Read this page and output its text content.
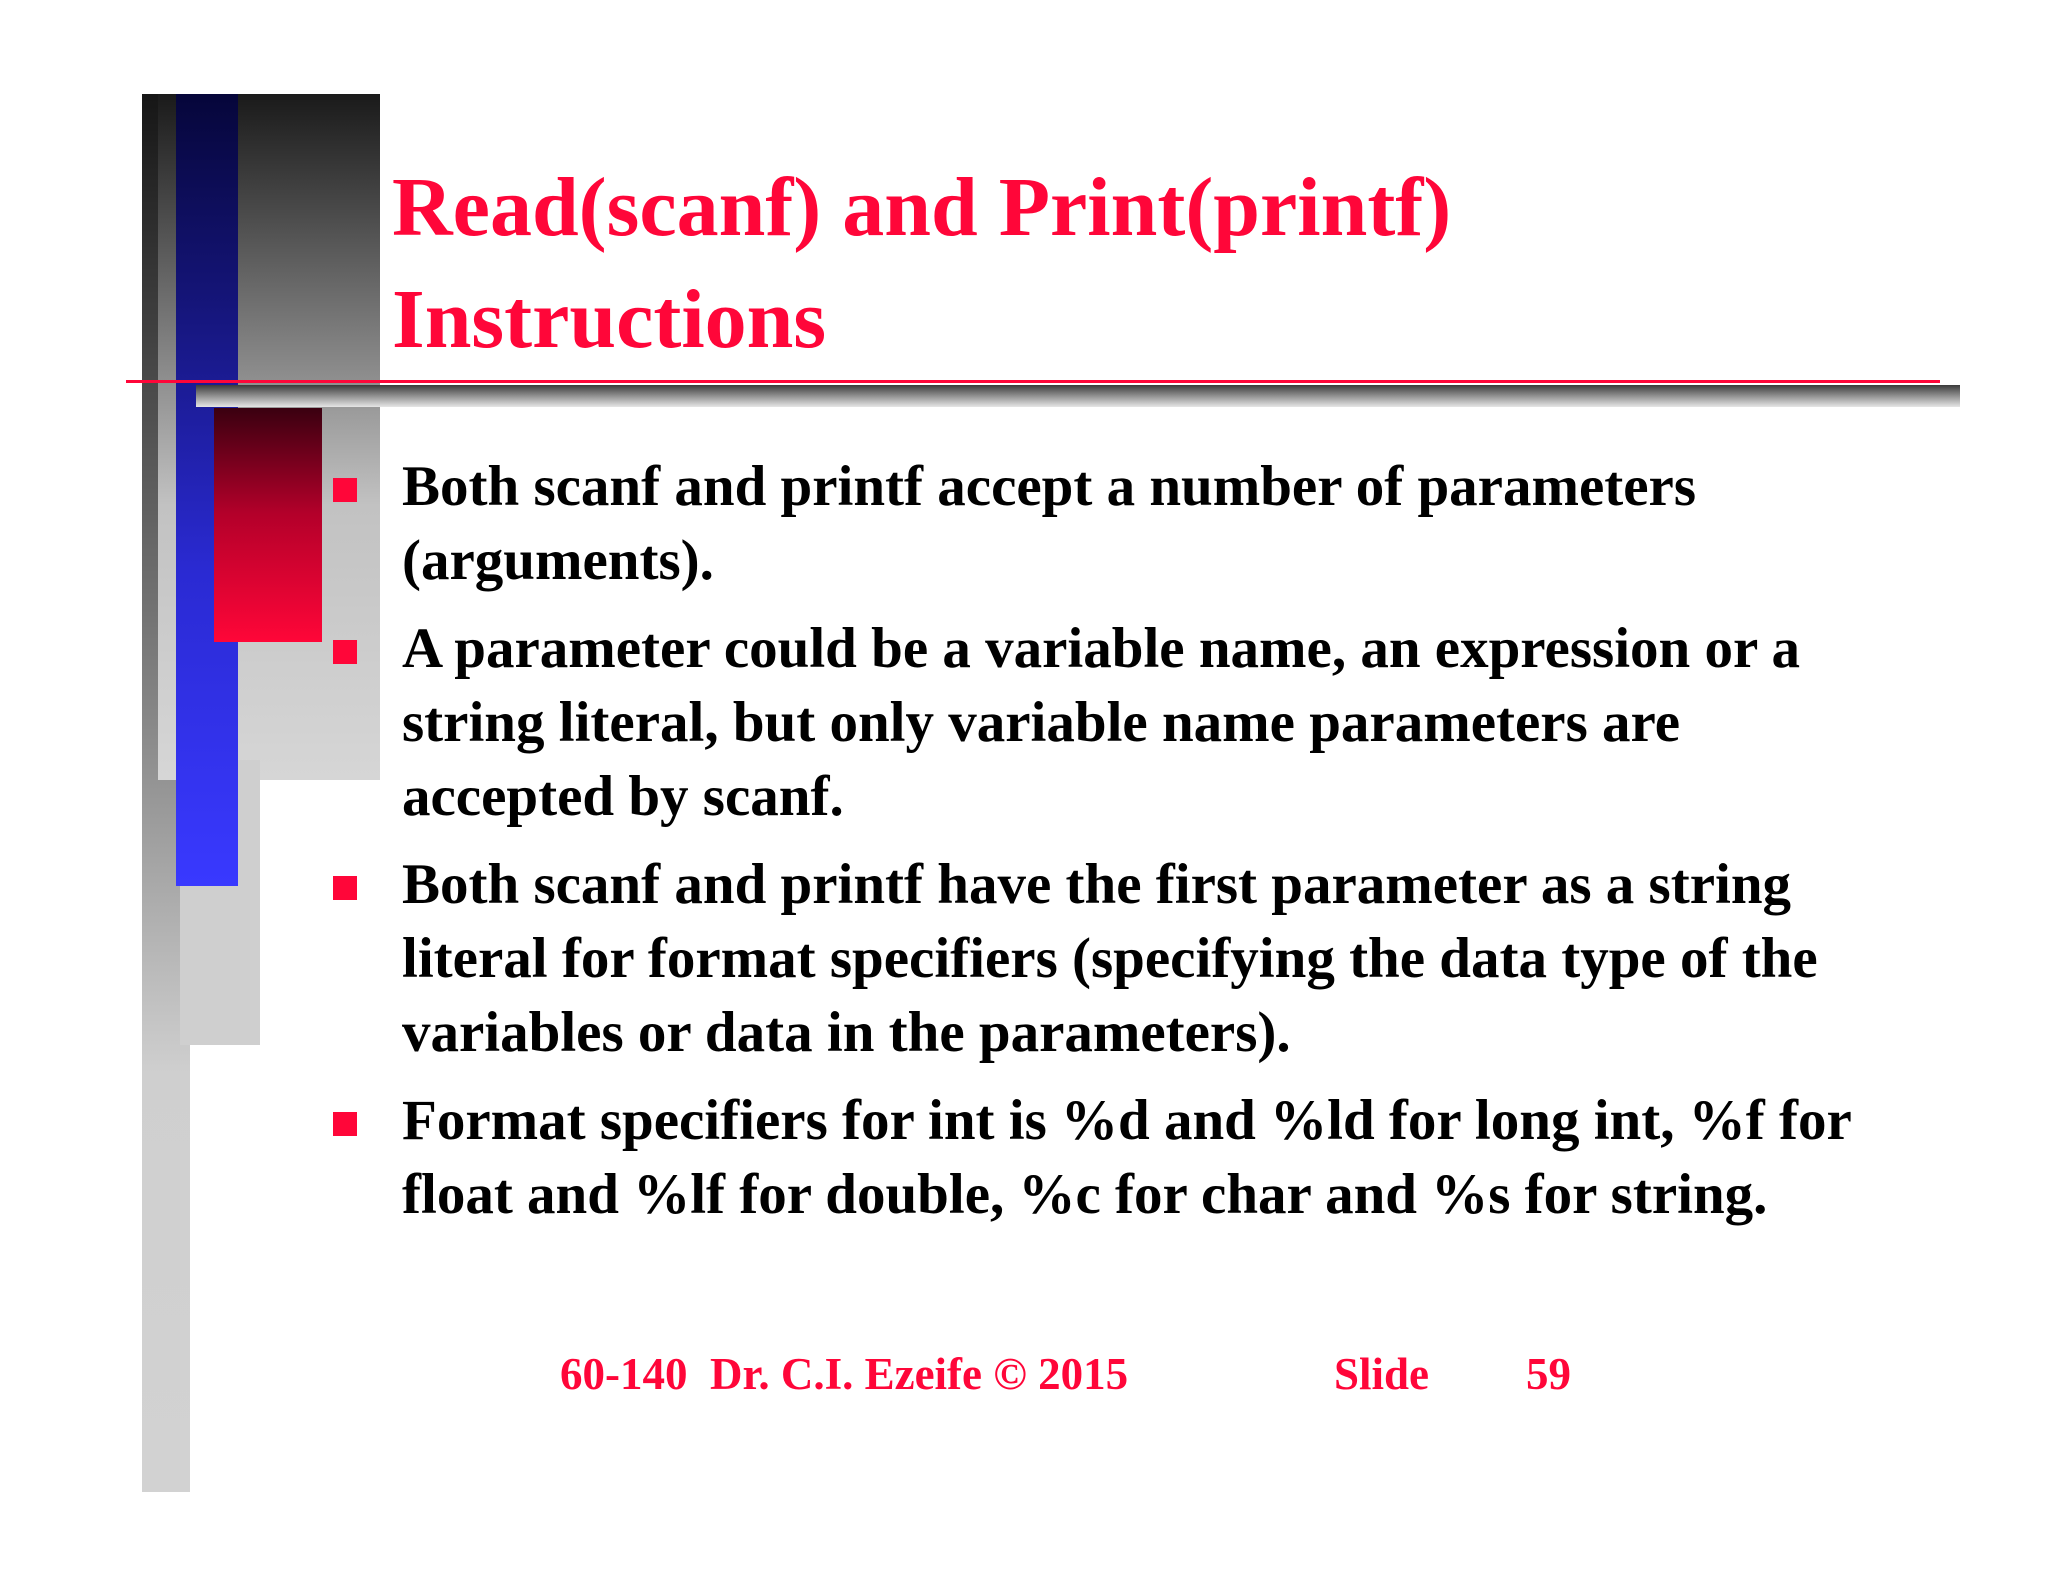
Read(scanf) and Print(printf) Instructions
Both scanf and printf accept a number of parameters (arguments).
A parameter could be a variable name, an expression or a string literal, but only variable name parameters are accepted by scanf.
Both scanf and printf have the first parameter as a string literal for format specifiers (specifying the data type of the variables or data in the parameters).
Format specifiers for int is %d and %ld for long int, %f for float and %lf for double, %c for char and %s for string.
60-140  Dr. C.I. Ezeife © 2015	Slide 59
